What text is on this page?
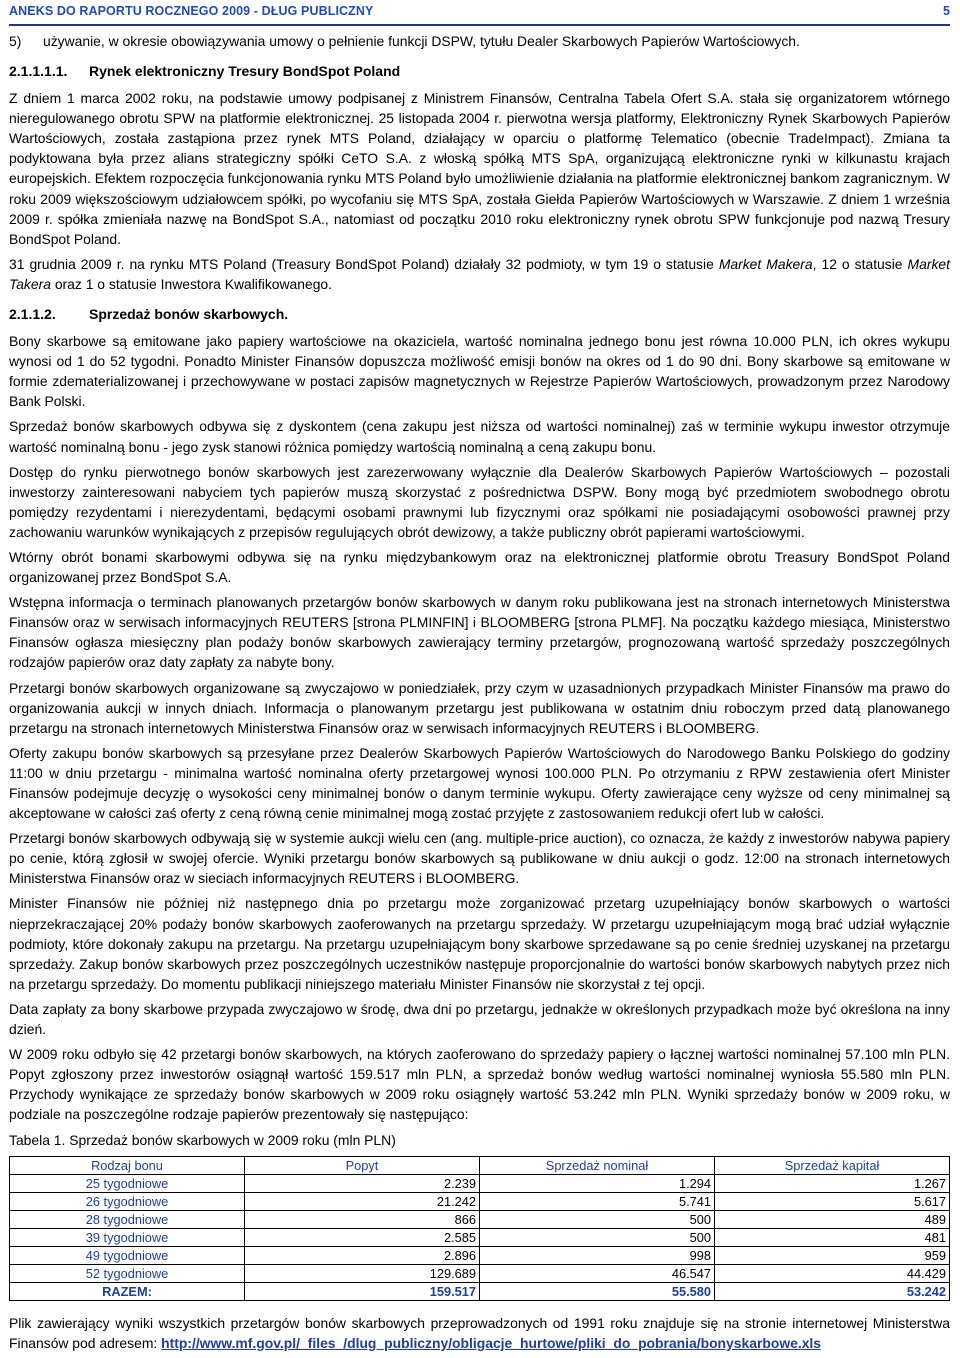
ANEKS DO RAPORTU ROCZNEGO 2009 - DŁUG PUBLICZNY	5
5) używanie, w okresie obowiązywania umowy o pełnienie funkcji DSPW, tytułu Dealer Skarbowych Papierów Wartościowych.
2.1.1.1.1. Rynek elektroniczny Tresury BondSpot Poland

Z dniem 1 marca 2002 roku, na podstawie umowy podpisanej z Ministrem Finansów, Centralna Tabela Ofert S.A. stała się organizatorem wtórnego nieregulowanego obrotu SPW na platformie elektronicznej. 25 listopada 2004 r. pierwotna wersja platformy, Elektroniczny Rynek Skarbowych Papierów Wartościowych, została zastąpiona przez rynek MTS Poland, działający w oparciu o platformę Telematico (obecnie TradeImpact). Zmiana ta podyktowana była przez alians strategiczny spółki CeTO S.A. z włoską spółką MTS SpA, organizującą elektroniczne rynki w kilkunastu krajach europejskich. Efektem rozpoczęcia funkcjonowania rynku MTS Poland było umożliwienie działania na platformie elektronicznej bankom zagranicznym. W roku 2009 większościowym udziałowcem spółki, po wycofaniu się MTS SpA, została Giełda Papierów Wartościowych w Warszawie. Z dniem 1 września 2009 r. spółka zmieniała nazwę na BondSpot S.A., natomiast od początku 2010 roku elektroniczny rynek obrotu SPW funkcjonuje pod nazwą Tresury BondSpot Poland.

31 grudnia 2009 r. na rynku MTS Poland (Treasury BondSpot Poland) działały 32 podmioty, w tym 19 o statusie Market Makera, 12 o statusie Market Takera oraz 1 o statusie Inwestora Kwalifikowanego.

2.1.1.2. Sprzedaż bonów skarbowych.

Bony skarbowe są emitowane jako papiery wartościowe na okaziciela, wartość nominalna jednego bonu jest równa 10.000 PLN, ich okres wykupu wynosi od 1 do 52 tygodni. Ponadto Minister Finansów dopuszcza możliwość emisji bonów na okres od 1 do 90 dni. Bony skarbowe są emitowane w formie zdematerializowanej i przechowywane w postaci zapisów magnetycznych w Rejestrze Papierów Wartościowych, prowadzonym przez Narodowy Bank Polski.

Sprzedaż bonów skarbowych odbywa się z dyskontem (cena zakupu jest niższa od wartości nominalnej) zaś w terminie wykupu inwestor otrzymuje wartość nominalną bonu - jego zysk stanowi różnica pomiędzy wartością nominalną a ceną zakupu bonu.

Dostęp do rynku pierwotnego bonów skarbowych jest zarezerwowany wyłącznie dla Dealerów Skarbowych Papierów Wartościowych – pozostali inwestorzy zainteresowani nabyciem tych papierów muszą skorzystać z pośrednictwa DSPW. Bony mogą być przedmiotem swobodnego obrotu pomiędzy rezydentami i nierezydentami, będącymi osobami prawnymi lub fizycznymi oraz spółkami nie posiadającymi osobowości prawnej przy zachowaniu warunków wynikających z przepisów regulujących obrót dewizowy, a także publiczny obrót papierami wartościowymi.

Wtórny obrót bonami skarbowymi odbywa się na rynku międzybankowym oraz na elektronicznej platformie obrotu Treasury BondSpot Poland organizowanej przez BondSpot S.A.

Wstępna informacja o terminach planowanych przetargów bonów skarbowych w danym roku publikowana jest na stronach internetowych Ministerstwa Finansów oraz w serwisach informacyjnych REUTERS [strona PLMINFIN] i BLOOMBERG [strona PLMF]. Na początku każdego miesiąca, Ministerstwo Finansów ogłasza miesięczny plan podaży bonów skarbowych zawierający terminy przetargów, prognozowaną wartość sprzedaży poszczególnych rodzajów papierów oraz daty zapłaty za nabyte bony.

Przetargi bonów skarbowych organizowane są zwyczajowo w poniedziałek, przy czym w uzasadnionych przypadkach Minister Finansów ma prawo do organizowania aukcji w innych dniach. Informacja o planowanym przetargu jest publikowana w ostatnim dniu roboczym przed datą planowanego przetargu na stronach internetowych Ministerstwa Finansów oraz w serwisach informacyjnych REUTERS i BLOOMBERG.

Oferty zakupu bonów skarbowych są przesyłane przez Dealerów Skarbowych Papierów Wartościowych do Narodowego Banku Polskiego do godziny 11:00 w dniu przetargu - minimalna wartość nominalna oferty przetargowej wynosi 100.000 PLN. Po otrzymaniu z RPW zestawienia ofert Minister Finansów podejmuje decyzję o wysokości ceny minimalnej bonów o danym terminie wykupu. Oferty zawierające ceny wyższe od ceny minimalnej są akceptowane w całości zaś oferty z ceną równą cenie minimalnej mogą zostać przyjęte z zastosowaniem redukcji ofert lub w całości.

Przetargi bonów skarbowych odbywają się w systemie aukcji wielu cen (ang. multiple-price auction), co oznacza, że każdy z inwestorów nabywa papiery po cenie, którą zgłosił w swojej ofercie. Wyniki przetargu bonów skarbowych są publikowane w dniu aukcji o godz. 12:00 na stronach internetowych Ministerstwa Finansów oraz w sieciach informacyjnych REUTERS i BLOOMBERG.

Minister Finansów nie później niż następnego dnia po przetargu może zorganizować przetarg uzupełniający bonów skarbowych o wartości nieprzekraczającej 20% podaży bonów skarbowych zaoferowanych na przetargu sprzedaży. W przetargu uzupełniającym mogą brać udział wyłącznie podmioty, które dokonały zakupu na przetargu. Na przetargu uzupełniającym bony skarbowe sprzedawane są po cenie średniej uzyskanej na przetargu sprzedaży. Zakup bonów skarbowych przez poszczególnych uczestników następuje proporcjonalnie do wartości bonów skarbowych nabytych przez nich na przetargu sprzedaży. Do momentu publikacji niniejszego materiału Minister Finansów nie skorzystał z tej opcji.

Data zapłaty za bony skarbowe przypada zwyczajowo w środę, dwa dni po przetargu, jednakże w określonych przypadkach może być określona na inny dzień.

W 2009 roku odbyło się 42 przetargi bonów skarbowych, na których zaoferowano do sprzedaży papiery o łącznej wartości nominalnej 57.100 mln PLN. Popyt zgłoszony przez inwestorów osiągnął wartość 159.517 mln PLN, a sprzedaż bonów według wartości nominalnej wyniosła 55.580 mln PLN. Przychody wynikające ze sprzedaży bonów skarbowych w 2009 roku osiągnęły wartość 53.242 mln PLN. Wyniki sprzedaży bonów w 2009 roku, w podziale na poszczególne rodzaje papierów prezentowały się następująco:

Tabela 1. Sprzedaż bonów skarbowych w 2009 roku (mln PLN)
Rodzaj bonu	Popyt	Sprzedaż nominał	Sprzedaż kapitał
25 tygodniowe	2.239	1.294	1.267
26 tygodniowe	21.242	5.741	5.617
28 tygodniowe	866	500	489
39 tygodniowe	2.585	500	481
49 tygodniowe	2.896	998	959
52 tygodniowe	129.689	46.547	44.429
RAZEM:	159.517	55.580	53.242

Plik zawierający wyniki wszystkich przetargów bonów skarbowych przeprowadzonych od 1991 roku znajduje się na stronie internetowej Ministerstwa Finansów pod adresem: http://www.mf.gov.pl/_files_/dlug_publiczny/obligacje_hurtowe/pliki_do_pobrania/bonyskarbowe.xls
